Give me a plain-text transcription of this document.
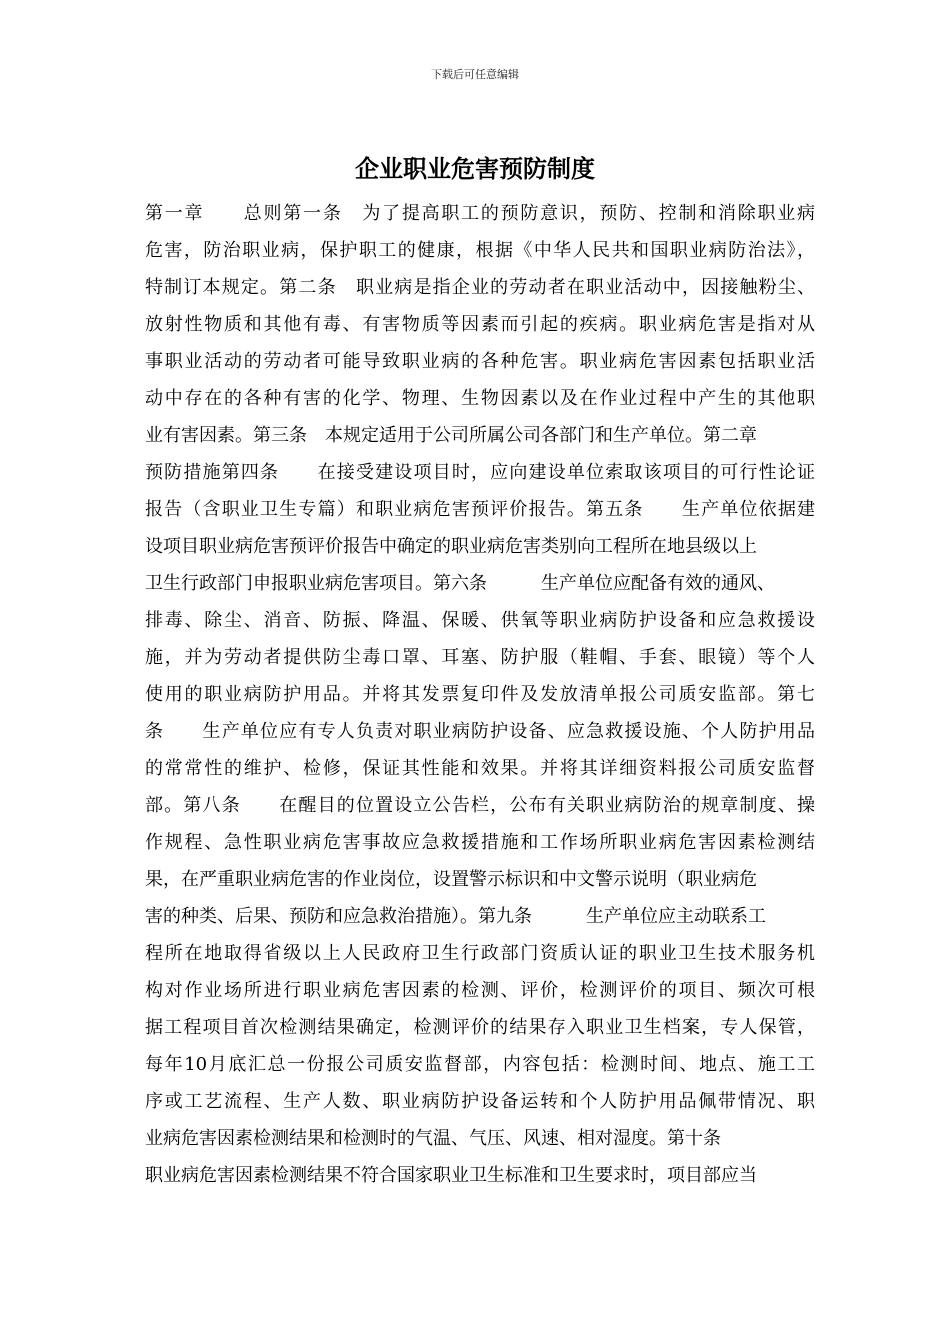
下载后可任意编辑
企业职业危害预防制度
第一章　　总则第一条　为了提高职工的预防意识，预防、控制和消除职业病
危害，防治职业病，保护职工的健康，根据《中华人民共和国职业病防治法》，
特制订本规定。第二条　职业病是指企业的劳动者在职业活动中，因接触粉尘、
放射性物质和其他有毒、有害物质等因素而引起的疾病。职业病危害是指对从
事职业活动的劳动者可能导致职业病的各种危害。职业病危害因素包括职业活
动中存在的各种有害的化学、物理、生物因素以及在作业过程中产生的其他职
业有害因素。第三条　本规定适用于公司所属公司各部门和生产单位。第二章
预防措施第四条　　在接受建设项目时，应向建设单位索取该项目的可行性论证
报告（含职业卫生专篇）和职业病危害预评价报告。第五条　　生产单位依据建
设项目职业病危害预评价报告中确定的职业病危害类别向工程所在地县级以上
卫生行政部门申报职业病危害项目。第六条　　　生产单位应配备有效的通风、
排毒、除尘、消音、防振、降温、保暖、供氧等职业病防护设备和应急救援设
施，并为劳动者提供防尘毒口罩、耳塞、防护服（鞋帽、手套、眼镜）等个人
使用的职业病防护用品。并将其发票复印件及发放清单报公司质安监部。第七
条　　生产单位应有专人负责对职业病防护设备、应急救援设施、个人防护用品
的常常性的维护、检修，保证其性能和效果。并将其详细资料报公司质安监督
部。第八条　　在醒目的位置设立公告栏，公布有关职业病防治的规章制度、操
作规程、急性职业病危害事故应急救援措施和工作场所职业病危害因素检测结
果，在严重职业病危害的作业岗位，设置警示标识和中文警示说明（职业病危
害的种类、后果、预防和应急救治措施）。第九条　　　生产单位应主动联系工
程所在地取得省级以上人民政府卫生行政部门资质认证的职业卫生技术服务机
构对作业场所进行职业病危害因素的检测、评价，检测评价的项目、频次可根
据工程项目首次检测结果确定，检测评价的结果存入职业卫生档案，专人保管，
每年10月底汇总一份报公司质安监督部，内容包括：检测时间、地点、施工工
序或工艺流程、生产人数、职业病防护设备运转和个人防护用品佩带情况、职
业病危害因素检测结果和检测时的气温、气压、风速、相对湿度。第十条
职业病危害因素检测结果不符合国家职业卫生标准和卫生要求时，项目部应当
